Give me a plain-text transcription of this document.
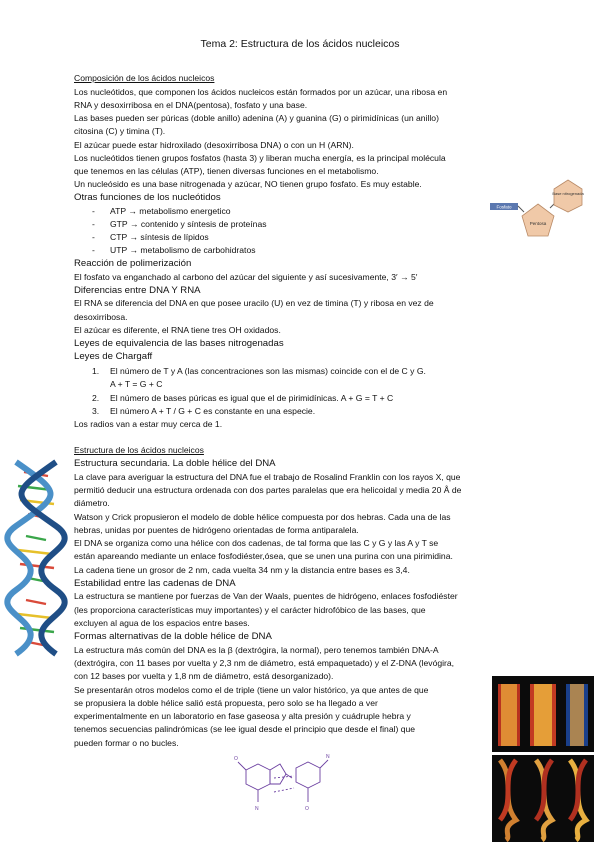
Tema 2: Estructura de los ácidos nucleicos
Composición de los ácidos nucleicos
Los nucleótidos, que componen los ácidos nucleicos están formados por un azúcar, una ribosa en
RNA y desoxirribosa en el DNA(pentosa), fosfato y una base.
Las bases pueden ser púricas (doble anillo) adenina (A) y guanina (G) o pirimidínicas (un anillo)
citosina (C) y timina (T).
El azúcar puede estar hidroxilado (desoxirribosa DNA) o con un H (ARN).
Los nucleótidos tienen grupos fosfatos (hasta 3) y liberan mucha energía, es la principal molécula
que tenemos en las células (ATP), tienen diversas funciones en el metabolismo.
Un nucleósido es una base nitrogenada y azúcar, NO tienen grupo fosfato. Es muy estable.
Otras funciones de los nucleótidos
- ATP → metabolismo energetico
- GTP → contenido y síntesis de proteínas
- CTP → síntesis de lípidos
- UTP → metabolismo de carbohidratos
Reacción de polimerización
El fosfato va enganchado al carbono del azúcar del siguiente y así sucesivamente, 3′ → 5′
Diferencias entre DNA Y RNA
El RNA se diferencia del DNA en que posee uracilo (U) en vez de timina (T) y ribosa en vez de
desoxirribosa.
El azúcar es diferente, el RNA tiene tres OH oxidados.
Leyes de equivalencia de las bases nitrogenadas
Leyes de Chargaff
1. El número de T y A (las concentraciones son las mismas) coincide con el de C y G.
A + T = G + C
2. El número de bases púricas es igual que el de pirimidínicas. A + G = T + C
3. El número A + T / G + C es constante en una especie.
Los radios van a estar muy cerca de 1.
Fosfato
Pentosa
Base nitrogenada
Estructura de los ácidos nucleicos
Estructura secundaria. La doble hélice del DNA
La clave para averiguar la estructura del DNA fue el trabajo de Rosalind Franklin con los rayos X, que
permitió deducir una estructura ordenada con dos partes paralelas que era helicoidal y media 20 Å de
diámetro.
Watson y Crick propusieron el modelo de doble hélice compuesta por dos hebras. Cada una de las
hebras, unidas por puentes de hidrógeno orientadas de forma antiparalela.
El DNA se organiza como una hélice con dos cadenas, de tal forma que las C y G y las A y T se
están apareando mediante un enlace fosfodiéster,ósea, que se unen una purina con una pirimidina.
La cadena tiene un grosor de 2 nm, cada vuelta 34 nm y la distancia entre bases es 3,4.
Estabilidad entre las cadenas de DNA
La estructura se mantiene por fuerzas de Van der Waals, puentes de hidrógeno, enlaces fosfodiéster
(les proporciona características muy importantes) y el carácter hidrofóbico de las bases, que
excluyen al agua de los espacios entre bases.
Formas alternativas de la doble hélice de DNA
La estructura más común del DNA es la β (dextrógira, la normal), pero tenemos también DNA-A
(dextrógira, con 11 bases por vuelta y 2,3 nm de diámetro, está empaquetado) y el Z-DNA (levógira,
con 12 bases por vuelta y 1,8 nm de diámetro, está desorganizado).
Se presentarán otros modelos como el de triple (tiene un valor histórico, ya que antes de que
se propusiera la doble hélice salió está propuesta, pero solo se ha llegado a ver
experimentalmente en un laboratorio en fase gaseosa y alta presión y cuádruple hebra y
tenemos secuencias palindrómicas (se lee igual desde el principio que desde el final) que
pueden formar o no bucles.
O
N	O
N
